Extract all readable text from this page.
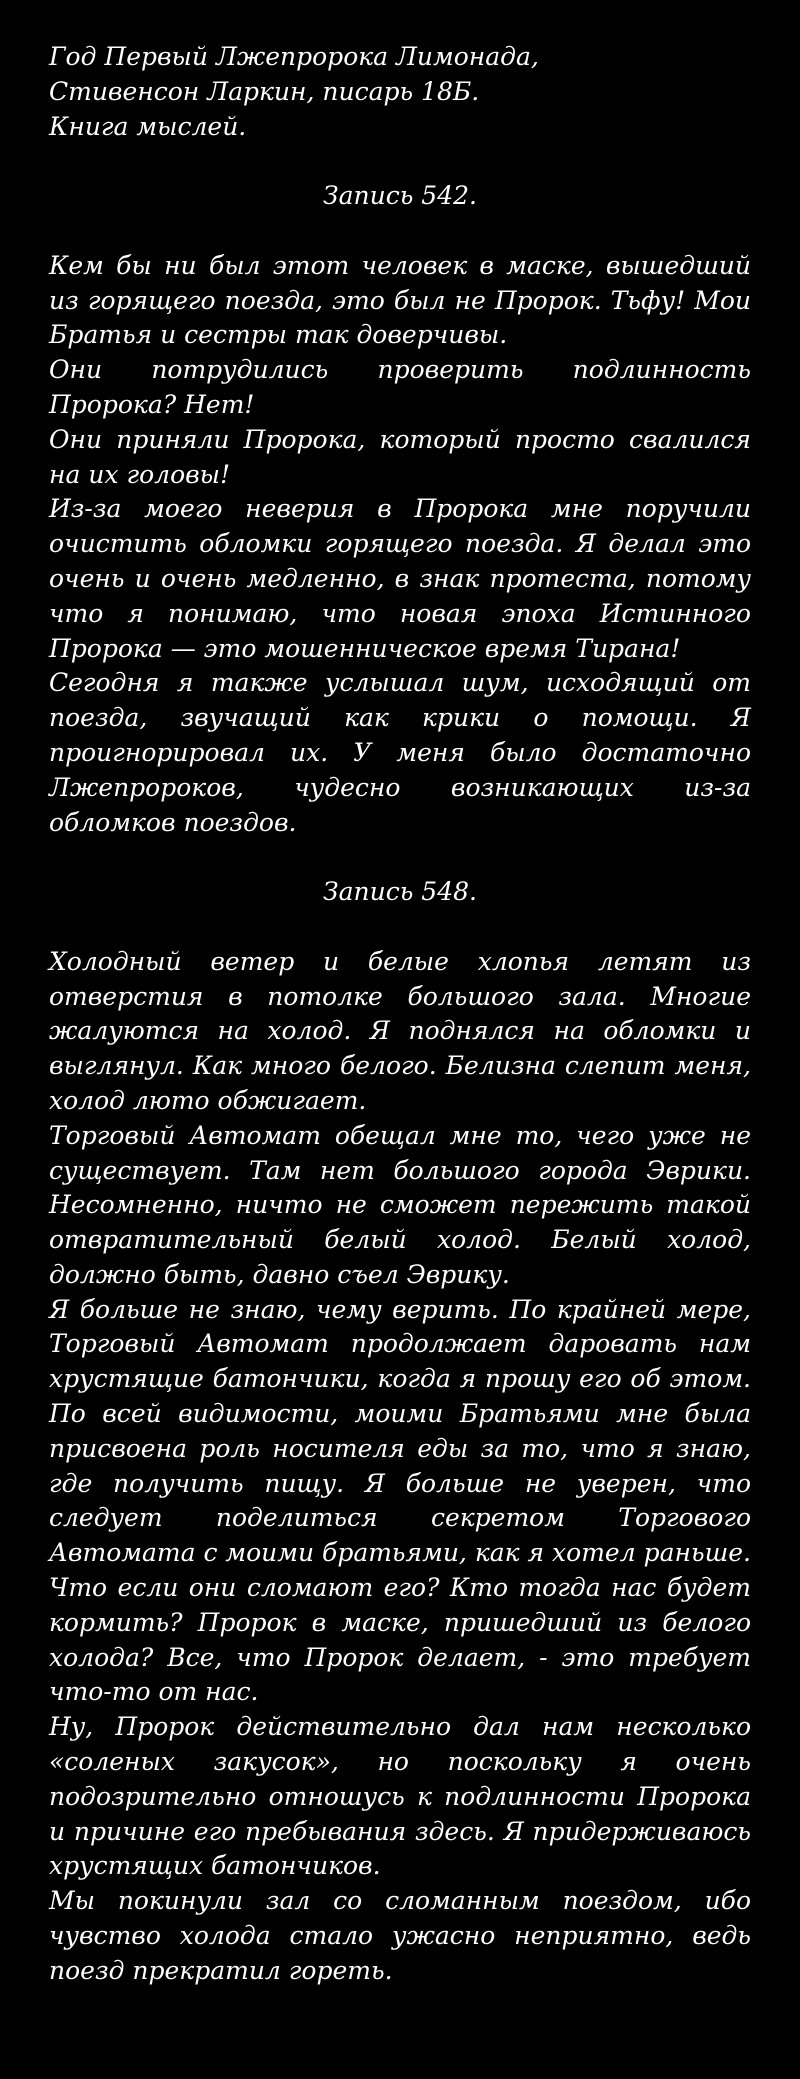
Год Первый Лжепророка Лимонада,
Стивенсон Ларкин, писарь 18Б.
Книга мыслей.
Запись 542.

Кем бы ни был этот человек в маске, вышедший из горящего поезда, это был не Пророк. Тьфу! Мои Братья и сестры так доверчивы.

Они потрудились проверить подлинность Пророка? Нет!

Они приняли Пророка, который просто свалился на их головы!

Из-за моего неверия в Пророка мне поручили очистить обломки горящего поезда. Я делал это очень и очень медленно, в знак протеста, потому что я понимаю, что новая эпоха Истинного Пророка — это мошенническое время Тирана!

Сегодня я также услышал шум, исходящий от поезда, звучащий как крики о помощи. Я проигнорировал их. У меня было достаточно Лжепророков, чудесно возникающих из-за обломков поездов.

Запись 548.

Холодный ветер и белые хлопья летят из отверстия в потолке большого зала. Многие жалуются на холод. Я поднялся на обломки и выглянул. Как много белого. Белизна слепит меня, холод люто обжигает.

Торговый Автомат обещал мне то, чего уже не существует. Там нет большого города Эврики. Несомненно, ничто не сможет пережить такой отвратительный белый холод. Белый холод, должно быть, давно съел Эврику.

Я больше не знаю, чему верить. По крайней мере, Торговый Автомат продолжает даровать нам хрустящие батончики, когда я прошу его об этом. По всей видимости, моими Братьями мне была присвоена роль носителя еды за то, что я знаю, где получить пищу. Я больше не уверен, что следует поделиться секретом Торгового Автомата с моими братьями, как я хотел раньше. Что если они сломают его? Кто тогда нас будет кормить? Пророк в маске, пришедший из белого холода? Все, что Пророк делает, - это требует что-то от нас.

Ну, Пророк действительно дал нам несколько «соленых закусок», но поскольку я очень подозрительно отношусь к подлинности Пророка и причине его пребывания здесь. Я придерживаюсь хрустящих батончиков.

Мы покинули зал со сломанным поездом, ибо чувство холода стало ужасно неприятно, ведь поезд прекратил гореть.
